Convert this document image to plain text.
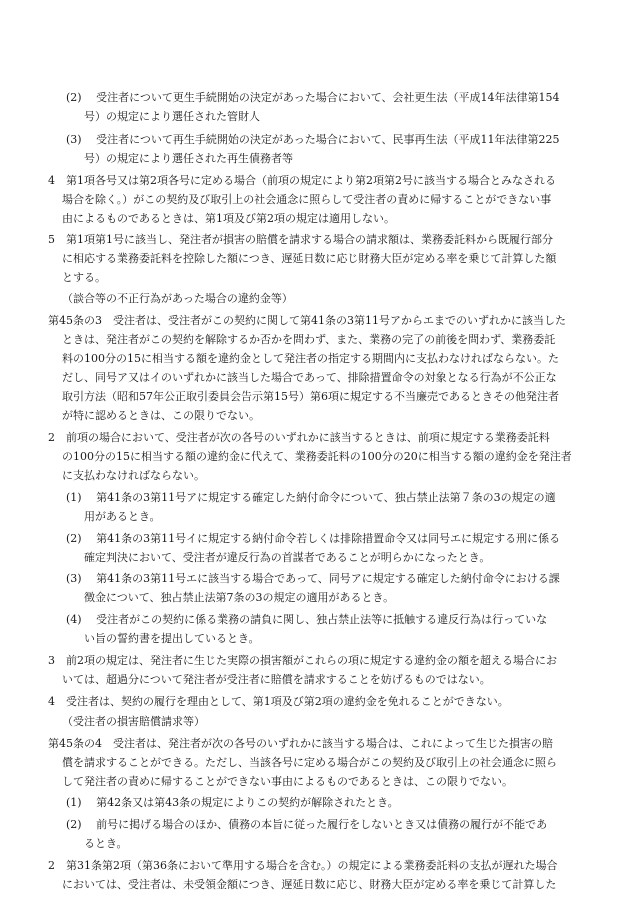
(2)　 受注者について更生手続開始の決定があった場合において、会社更生法（平成14年法律第154
号）の規定により選任された管財人
(3)　 受注者について再生手続開始の決定があった場合において、民事再生法（平成11年法律第225
号）の規定により選任された再生債務者等
4　第1項各号又は第2項各号に定める場合（前項の規定により第2項第2号に該当する場合とみなされる
場合を除く。）がこの契約及び取引上の社会通念に照らして受注者の責めに帰することができない事
由によるものであるときは、第1項及び第2項の規定は適用しない。
5　第1項第1号に該当し、発注者が損害の賠償を請求する場合の請求額は、業務委託料から既履行部分
に相応する業務委託料を控除した額につき、遅延日数に応じ財務大臣が定める率を乗じて計算した額
とする。
（談合等の不正行為があった場合の違約金等）
第45条の3　受注者は、受注者がこの契約に関して第41条の3第11号アからエまでのいずれかに該当した
ときは、発注者がこの契約を解除するか否かを問わず、また、業務の完了の前後を問わず、業務委託
料の100分の15に相当する額を違約金として発注者の指定する期間内に支払わなければならない。た
だし、同号ア又はイのいずれかに該当した場合であって、排除措置命令の対象となる行為が不公正な
取引方法（昭和57年公正取引委員会告示第15号）第6項に規定する不当廉売であるときその他発注者
が特に認めるときは、この限りでない。
2　前項の場合において、受注者が次の各号のいずれかに該当するときは、前項に規定する業務委託料
の100分の15に相当する額の違約金に代えて、業務委託料の100分の20に相当する額の違約金を発注者
に支払わなければならない。
(1)　 第41条の3第11号アに規定する確定した納付命令について、独占禁止法第７条の3の規定の適
用があるとき。
(2)　 第41条の3第11号イに規定する納付命令若しくは排除措置命令又は同号エに規定する刑に係る
確定判決において、受注者が違反行為の首謀者であることが明らかになったとき。
(3)　 第41条の3第11号エに該当する場合であって、同号アに規定する確定した納付命令における課
徴金について、独占禁止法第7条の3の規定の適用があるとき。
(4)　 受注者がこの契約に係る業務の請負に関し、独占禁止法等に抵触する違反行為は行っていな
い旨の誓約書を提出しているとき。
3　前2項の規定は、発注者に生じた実際の損害額がこれらの項に規定する違約金の額を超える場合にお
いては、超過分について発注者が受注者に賠償を請求することを妨げるものではない。
4　受注者は、契約の履行を理由として、第1項及び第2項の違約金を免れることができない。
（受注者の損害賠償請求等）
第45条の4　受注者は、発注者が次の各号のいずれかに該当する場合は、これによって生じた損害の賠
償を請求することができる。ただし、当該各号に定める場合がこの契約及び取引上の社会通念に照ら
して発注者の責めに帰することができない事由によるものであるときは、この限りでない。
(1)　 第42条又は第43条の規定によりこの契約が解除されたとき。
(2)　 前号に掲げる場合のほか、債務の本旨に従った履行をしないとき又は債務の履行が不能であ
るとき。
2　第31条第2項（第36条において準用する場合を含む。）の規定による業務委託料の支払が遅れた場合
においては、受注者は、未受領金額につき、遅延日数に応じ、財務大臣が定める率を乗じて計算した
